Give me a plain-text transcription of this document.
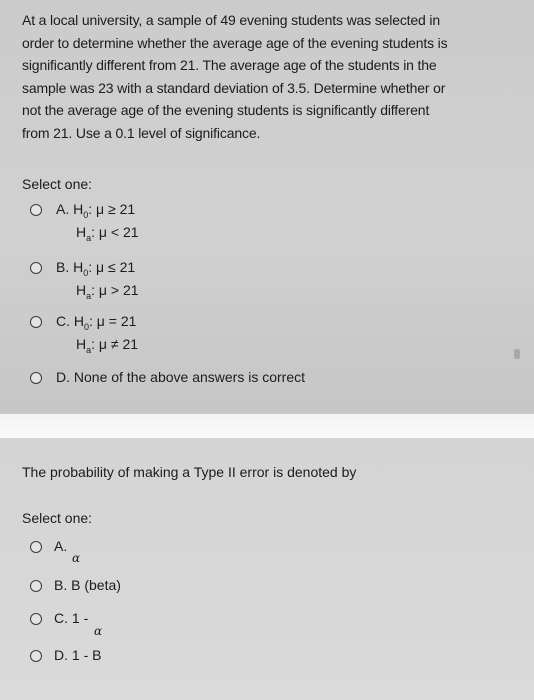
At a local university, a sample of 49 evening students was selected in
order to determine whether the average age of the evening students is
significantly different from 21. The average age of the students in the
sample was 23 with a standard deviation of 3.5. Determine whether or
not the average age of the evening students is significantly different
from 21. Use a 0.1 level of significance.
Select one:
A. $H_0$: μ ≥ 21
$H_a$: μ < 21
B. $H_0$: μ ≤ 21
$H_a$: μ > 21
C. $H_0$: μ = 21
$H_a$: μ ≠ 21
D. None of the above answers is correct
The probability of making a Type II error is denoted by
Select one:
A.
α
B. B (beta)
C. 1 -
α
D. 1 - B
